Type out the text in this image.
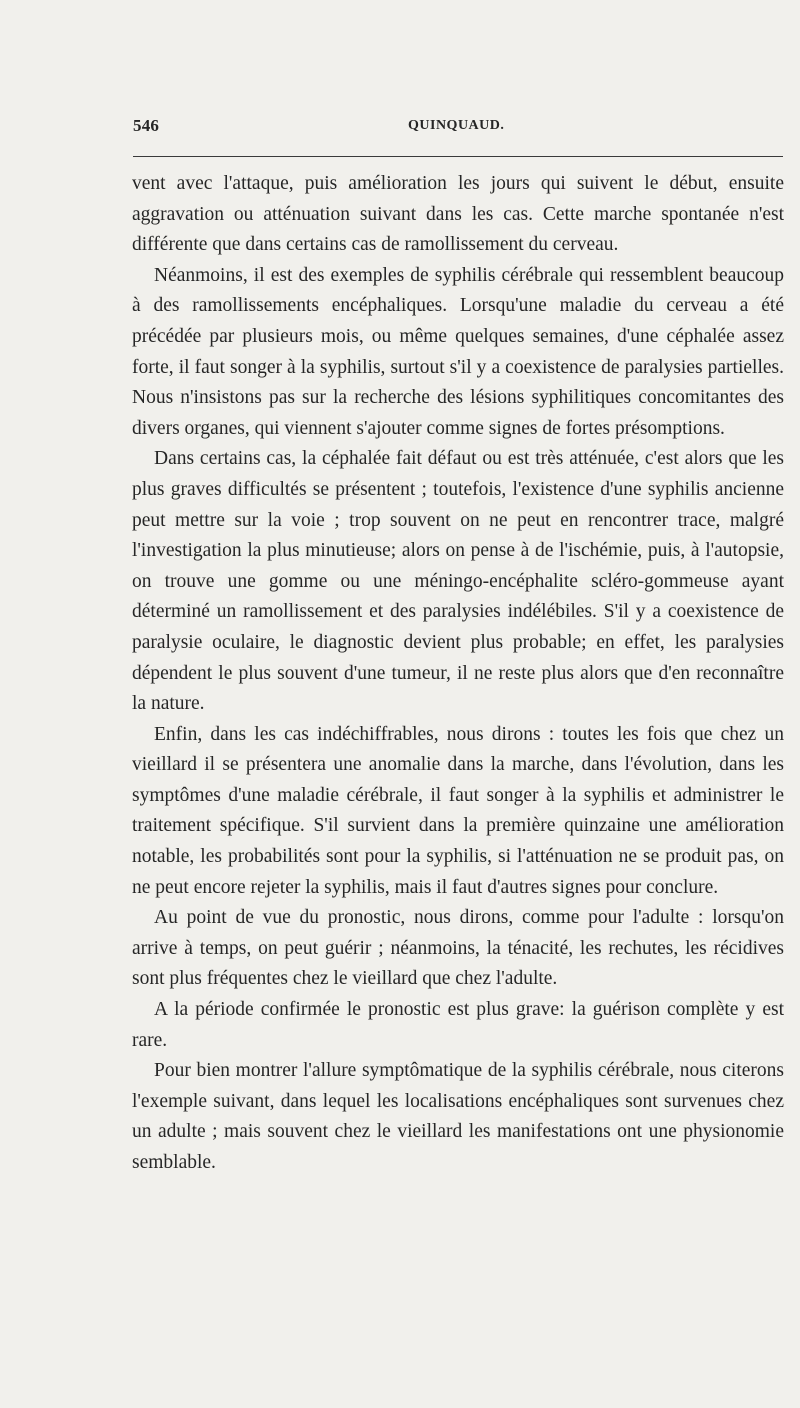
546	QUINQUAUD.

vent avec l'attaque, puis amélioration les jours qui suivent le début, ensuite aggravation ou atténuation suivant dans les cas. Cette marche spontanée n'est différente que dans certains cas de ramollissement du cerveau.

Néanmoins, il est des exemples de syphilis cérébrale qui ressemblent beaucoup à des ramollissements encéphaliques. Lorsqu'une maladie du cerveau a été précédée par plusieurs mois, ou même quelques semaines, d'une céphalée assez forte, il faut songer à la syphilis, surtout s'il y a coexistence de paralysies partielles. Nous n'insistons pas sur la recherche des lésions syphilitiques concomitantes des divers organes, qui viennent s'ajouter comme signes de fortes présomptions.

Dans certains cas, la céphalée fait défaut ou est très atténuée, c'est alors que les plus graves difficultés se présentent ; toutefois, l'existence d'une syphilis ancienne peut mettre sur la voie ; trop souvent on ne peut en rencontrer trace, malgré l'investigation la plus minutieuse; alors on pense à de l'ischémie, puis, à l'autopsie, on trouve une gomme ou une méningo-encéphalite scléro-gommeuse ayant déterminé un ramollissement et des paralysies indélébiles. S'il y a coexistence de paralysie oculaire, le diagnostic devient plus probable; en effet, les paralysies dépendent le plus souvent d'une tumeur, il ne reste plus alors que d'en reconnaître la nature.

Enfin, dans les cas indéchiffrables, nous dirons : toutes les fois que chez un vieillard il se présentera une anomalie dans la marche, dans l'évolution, dans les symptômes d'une maladie cérébrale, il faut songer à la syphilis et administrer le traitement spécifique. S'il survient dans la première quinzaine une amélioration notable, les probabilités sont pour la syphilis, si l'atténuation ne se produit pas, on ne peut encore rejeter la syphilis, mais il faut d'autres signes pour conclure.

Au point de vue du pronostic, nous dirons, comme pour l'adulte : lorsqu'on arrive à temps, on peut guérir ; néanmoins, la ténacité, les rechutes, les récidives sont plus fréquentes chez le vieillard que chez l'adulte.

A la période confirmée le pronostic est plus grave: la guérison complète y est rare.

Pour bien montrer l'allure symptômatique de la syphilis cérébrale, nous citerons l'exemple suivant, dans lequel les localisations encéphaliques sont survenues chez un adulte ; mais souvent chez le vieillard les manifestations ont une physionomie semblable.
